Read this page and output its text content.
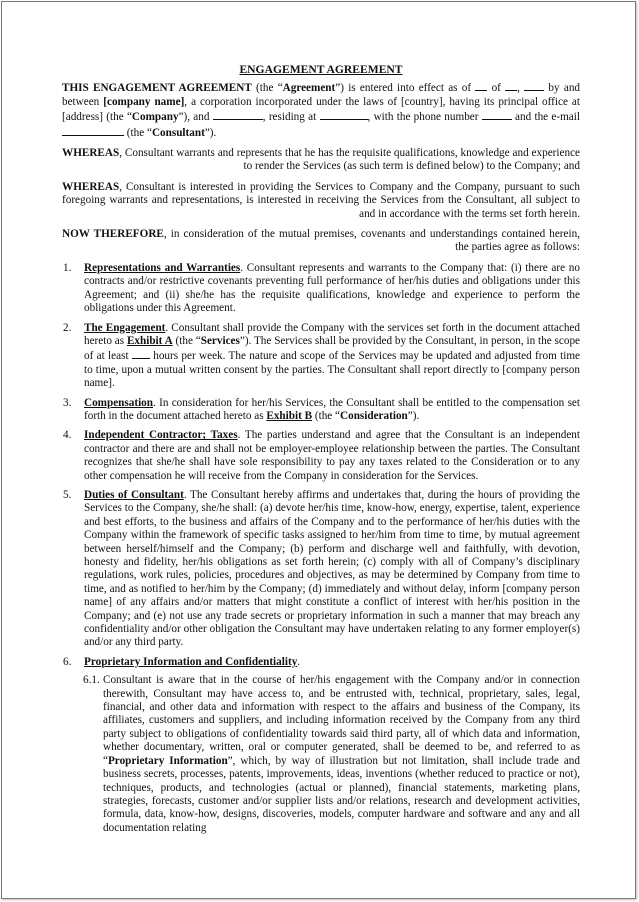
ENGAGEMENT AGREEMENT

THIS ENGAGEMENT AGREEMENT (the “Agreement”) is entered into effect as of  of ,  by and between [company name], a corporation incorporated under the laws of [country], having its principal office at [address] (the “Company”), and	, residing at	, with the phone number	and the e-mail  (the “Consultant”).

WHEREAS, Consultant warrants and represents that he has the requisite qualifications, knowledge and experience to render the Services (as such term is defined below) to the Company; and

WHEREAS, Consultant is interested in providing the Services to Company and the Company, pursuant to such foregoing warrants and representations, is interested in receiving the Services from the Consultant, all subject to and in accordance with the terms set forth herein.

NOW THEREFORE, in consideration of the mutual premises, covenants and understandings contained herein, the parties agree as follows:

1.	Representations and Warranties. Consultant represents and warrants to the Company that: (i) there are no contracts and/or restrictive covenants preventing full performance of her/his duties and obligations under this Agreement; and (ii) she/he has the requisite qualifications, knowledge and experience to perform the obligations under this Agreement.
2.	The Engagement. Consultant shall provide the Company with the services set forth in the document attached hereto as Exhibit A (the “Services”). The Services shall be provided by the Consultant, in person, in the scope of at least  hours per week. The nature and scope of the Services may be updated and adjusted from time to time, upon a mutual written consent by the parties. The Consultant shall report directly to [company person name].
3.	Compensation. In consideration for her/his Services, the Consultant shall be entitled to the compensation set forth in the document attached hereto as Exhibit B (the “Consideration”).
4.	Independent Contractor; Taxes. The parties understand and agree that the Consultant is an independent contractor and there are and shall not be employer-employee relationship between the parties. The Consultant recognizes that she/he shall have sole responsibility to pay any taxes related to the Consideration or to any other compensation he will receive from the Company in consideration for the Services.
5.	Duties of Consultant. The Consultant hereby affirms and undertakes that, during the hours of providing the Services to the Company, she/he shall: (a) devote her/his time, know-how, energy, expertise, talent, experience and best efforts, to the business and affairs of the Company and to the performance of her/his duties with the Company within the framework of specific tasks assigned to her/him from time to time, by mutual agreement between herself/himself and the Company; (b) perform and discharge well and faithfully, with devotion, honesty and fidelity, her/his obligations as set forth herein; (c) comply with all of Company’s disciplinary regulations, work rules, policies, procedures and objectives, as may be determined by Company from time to time, and as notified to her/him by the Company; (d) immediately and without delay, inform [company person name] of any affairs and/or matters that might constitute a conflict of interest with her/his position in the Company; and (e) not use any trade secrets or proprietary information in such a manner that may breach any confidentiality and/or other obligation the Consultant may have undertaken relating to any former employer(s) and/or any third party.
6.	Proprietary Information and Confidentiality.
6.1. Consultant is aware that in the course of her/his engagement with the Company and/or in connection therewith, Consultant may have access to, and be entrusted with, technical, proprietary, sales, legal, financial, and other data and information with respect to the affairs and business of the Company, its affiliates, customers and suppliers, and including information received by the Company from any third party subject to obligations of confidentiality towards said third party, all of which data and information, whether documentary, written, oral or computer generated, shall be deemed to be, and referred to as “Proprietary Information”, which, by way of illustration but not limitation, shall include trade and business secrets, processes, patents, improvements, ideas, inventions (whether reduced to practice or not), techniques, products, and technologies (actual or planned), financial statements, marketing plans, strategies, forecasts, customer and/or supplier lists and/or relations, research and development activities, formula, data, know-how, designs, discoveries, models, computer hardware and software and any and all documentation relating
